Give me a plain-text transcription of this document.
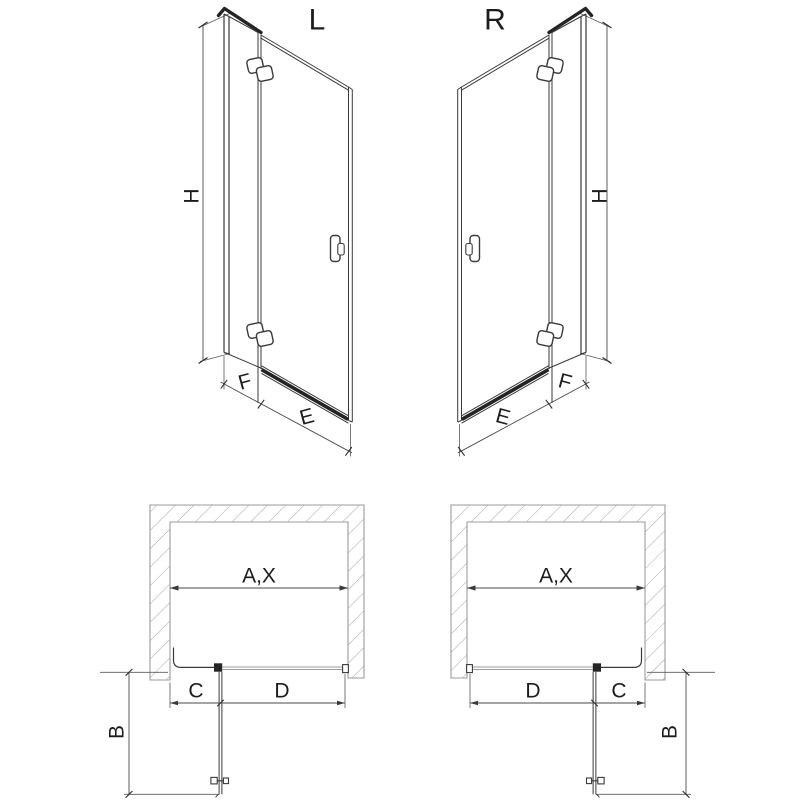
L
H
F
E
R
H
F
E
A,X
C	D
B
A,X
D	C
B
